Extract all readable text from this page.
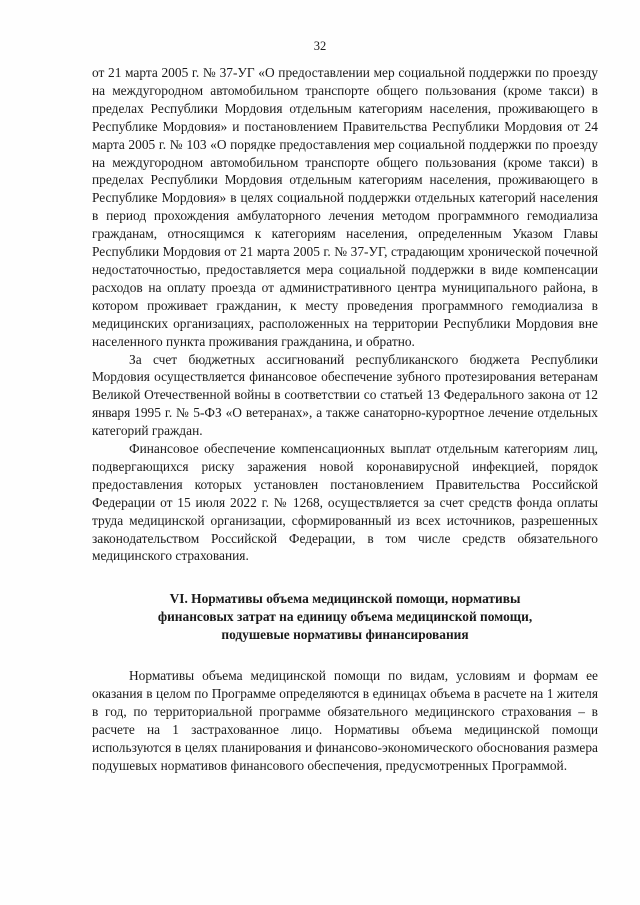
32

от 21 марта 2005 г. № 37-УГ «О предоставлении мер социальной поддержки по проезду на междугородном автомобильном транспорте общего пользования (кроме такси) в пределах Республики Мордовия отдельным категориям населения, проживающего в Республике Мордовия» и постановлением Правительства Республики Мордовия от 24 марта 2005 г. № 103 «О порядке предоставления мер социальной поддержки по проезду на междугородном автомобильном транспорте общего пользования (кроме такси) в пределах Республики Мордовия отдельным категориям населения, проживающего в Республике Мордовия» в целях социальной поддержки отдельных категорий населения в период прохождения амбулаторного лечения методом программного гемодиализа гражданам, относящимся к категориям населения, определенным Указом Главы Республики Мордовия от 21 марта 2005 г. № 37-УГ, страдающим хронической почечной недостаточностью, предоставляется мера социальной поддержки в виде компенсации расходов на оплату проезда от административного центра муниципального района, в котором проживает гражданин, к месту проведения программного гемодиализа в медицинских организациях, расположенных на территории Республики Мордовия вне населенного пункта проживания гражданина, и обратно.

За счет бюджетных ассигнований республиканского бюджета Республики Мордовия осуществляется финансовое обеспечение зубного протезирования ветеранам Великой Отечественной войны в соответствии со статьей 13 Федерального закона от 12 января 1995 г. № 5-ФЗ «О ветеранах», а также санаторно-курортное лечение отдельных категорий граждан.

Финансовое обеспечение компенсационных выплат отдельным категориям лиц, подвергающихся риску заражения новой коронавирусной инфекцией, порядок предоставления которых установлен постановлением Правительства Российской Федерации от 15 июля 2022 г. № 1268, осуществляется за счет средств фонда оплаты труда медицинской организации, сформированный из всех источников, разрешенных законодательством Российской Федерации, в том числе средств обязательного медицинского страхования.

VI. Нормативы объема медицинской помощи, нормативы
финансовых затрат на единицу объема медицинской помощи,
подушевые нормативы финансирования

Нормативы объема медицинской помощи по видам, условиям и формам ее оказания в целом по Программе определяются в единицах объема в расчете на 1 жителя в год, по территориальной программе обязательного медицинского страхования – в расчете на 1 застрахованное лицо. Нормативы объема медицинской помощи используются в целях планирования и финансово-экономического обоснования размера подушевых нормативов финансового обеспечения, предусмотренных Программой.
